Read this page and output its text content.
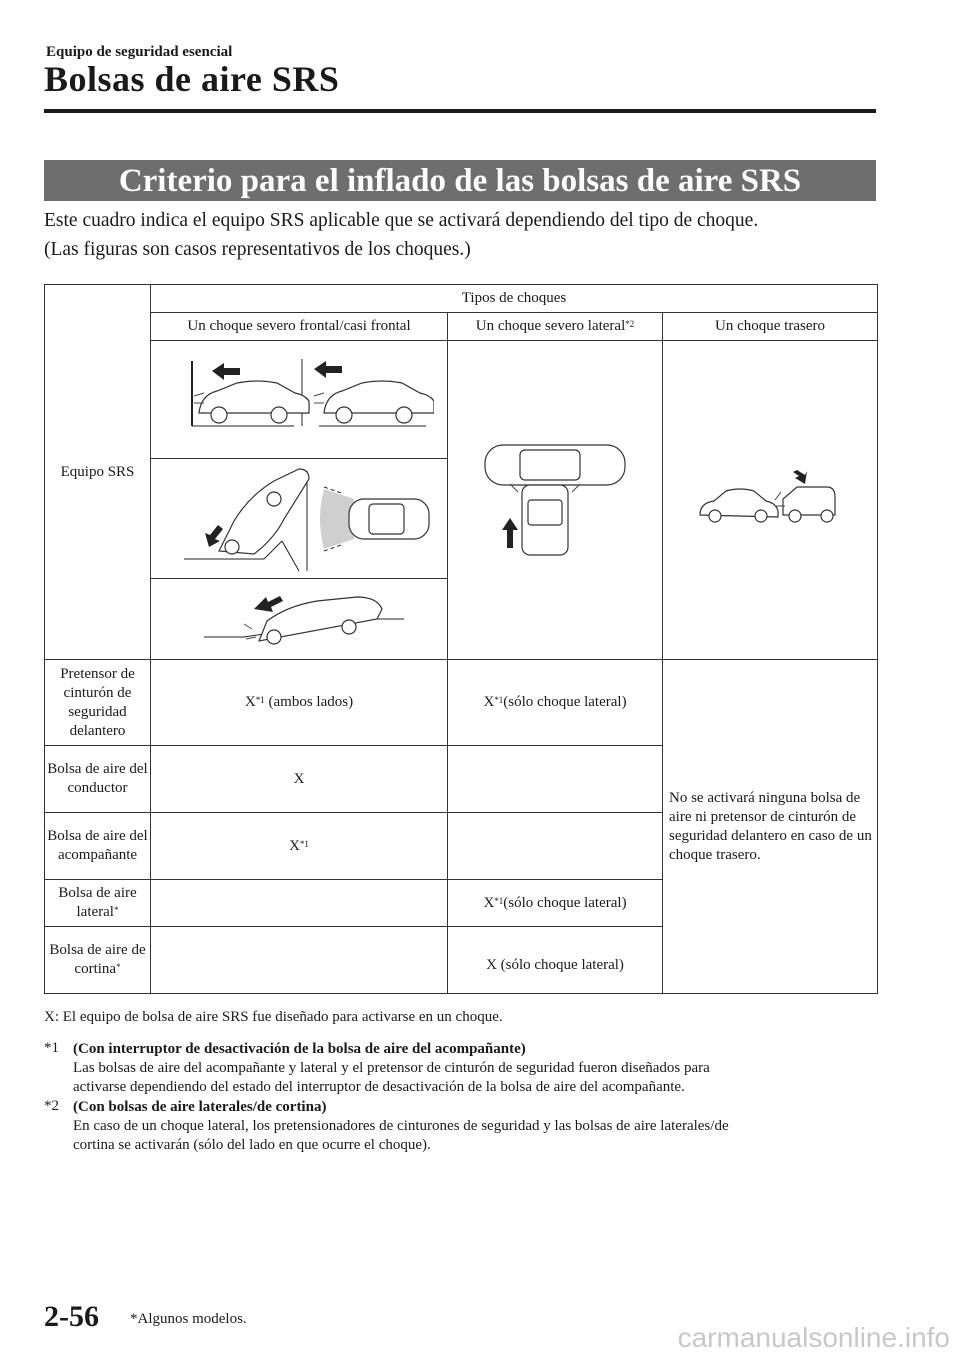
Equipo de seguridad esencial
Bolsas de aire SRS
Criterio para el inflado de las bolsas de aire SRS
Este cuadro indica el equipo SRS aplicable que se activará dependiendo del tipo de choque.
(Las figuras son casos representativos de los choques.)
Equipo SRS	Tipos de choques		
	Un choque severo frontal/casi frontal	Un choque severo lateral$^{*2}$	Un choque trasero

Pretensor de cinturón de seguridad delantero	$X^{*1}$ (ambos lados)	$X^{*1}(sólo$ choque lateral)	No se activará ninguna bolsa de aire ni pretensor de cinturón de seguridad delantero en caso de un choque trasero.
Bolsa de aire del conductor	X		
Bolsa de aire del acompañante	$X^{*1}$	
Bolsa de aire lateral*		$X^{*1}(sólo$ choque lateral)	
Bolsa de aire de cortina*		X (sólo choque lateral)	
X: El equipo de bolsa de aire SRS fue diseñado para activarse en un choque.
*1 (Con interruptor de desactivación de la bolsa de aire del acompañante)
Las bolsas de aire del acompañante y lateral y el pretensor de cinturón de seguridad fueron diseñados para
activarse dependiendo del estado del interruptor de desactivación de la bolsa de aire del acompañante.
*2 (Con bolsas de aire laterales/de cortina)
En caso de un choque lateral, los pretensionadores de cinturones de seguridad y las bolsas de aire laterales/de
cortina se activarán (sólo del lado en que ocurre el choque).
2-56 *Algunos modelos.
carmanualsonline.info
